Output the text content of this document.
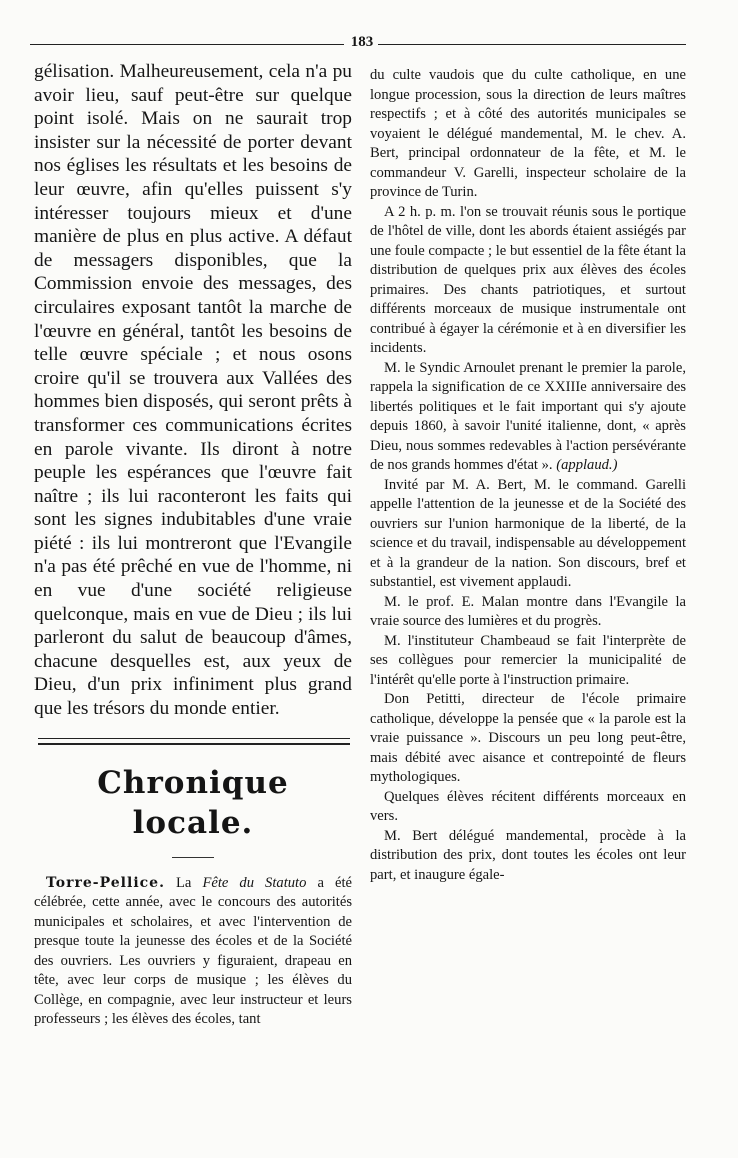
183

gélisation. Malheureusement, cela n'a pu avoir lieu, sauf peut-être sur quelque point isolé. Mais on ne saurait trop insister sur la nécessité de porter devant nos églises les résultats et les besoins de leur œuvre, afin qu'elles puissent s'y intéresser toujours mieux et d'une manière de plus en plus active. A défaut de messagers disponibles, que la Commission envoie des messages, des circulaires exposant tantôt la marche de l'œuvre en général, tantôt les besoins de telle œuvre spéciale ; et nous osons croire qu'il se trouvera aux Vallées des hommes bien disposés, qui seront prêts à transformer ces communications écrites en parole vivante. Ils diront à notre peuple les espérances que l'œuvre fait naître ; ils lui raconteront les faits qui sont les signes indubitables d'une vraie piété : ils lui montreront que l'Evangile n'a pas été prêché en vue de l'homme, ni en vue d'une société religieuse quelconque, mais en vue de Dieu ; ils lui parleront du salut de beaucoup d'âmes, chacune desquelles est, aux yeux de Dieu, d'un prix infiniment plus grand que les trésors du monde entier.

Chronique locale.

Torre-Pellice. La Fête du Statuto a été célébrée, cette année, avec le concours des autorités municipales et scholaires, et avec l'intervention de presque toute la jeunesse des écoles et de la Société des ouvriers. Les ouvriers y figuraient, drapeau en tête, avec leur corps de musique ; les élèves du Collège, en compagnie, avec leur instructeur et leurs professeurs ; les élèves des écoles, tant

du culte vaudois que du culte catholique, en une longue procession, sous la direction de leurs maîtres respectifs ; et à côté des autorités municipales se voyaient le délégué mandemental, M. le chev. A. Bert, principal ordonnateur de la fête, et M. le commandeur V. Garelli, inspecteur scholaire de la province de Turin.

A 2 h. p. m. l'on se trouvait réunis sous le portique de l'hôtel de ville, dont les abords étaient assiégés par une foule compacte ; le but essentiel de la fête étant la distribution de quelques prix aux élèves des écoles primaires. Des chants patriotiques, et surtout différents morceaux de musique instrumentale ont contribué à égayer la cérémonie et à en diversifier les incidents.

M. le Syndic Arnoulet prenant le premier la parole, rappela la signification de ce XXIIIe anniversaire des libertés politiques et le fait important qui s'y ajoute depuis 1860, à savoir l'unité italienne, dont, « après Dieu, nous sommes redevables à l'action persévérante de nos grands hommes d'état ». (applaud.)

Invité par M. A. Bert, M. le command. Garelli appelle l'attention de la jeunesse et de la Société des ouvriers sur l'union harmonique de la liberté, de la science et du travail, indispensable au développement et à la grandeur de la nation. Son discours, bref et substantiel, est vivement applaudi.

M. le prof. E. Malan montre dans l'Evangile la vraie source des lumières et du progrès.

M. l'instituteur Chambeaud se fait l'interprète de ses collègues pour remercier la municipalité de l'intérêt qu'elle porte à l'instruction primaire.

Don Petitti, directeur de l'école primaire catholique, développe la pensée que « la parole est la vraie puissance ». Discours un peu long peut-être, mais débité avec aisance et contrepointé de fleurs mythologiques.

Quelques élèves récitent différents morceaux en vers.

M. Bert délégué mandemental, procède à la distribution des prix, dont toutes les écoles ont leur part, et inaugure égale-
